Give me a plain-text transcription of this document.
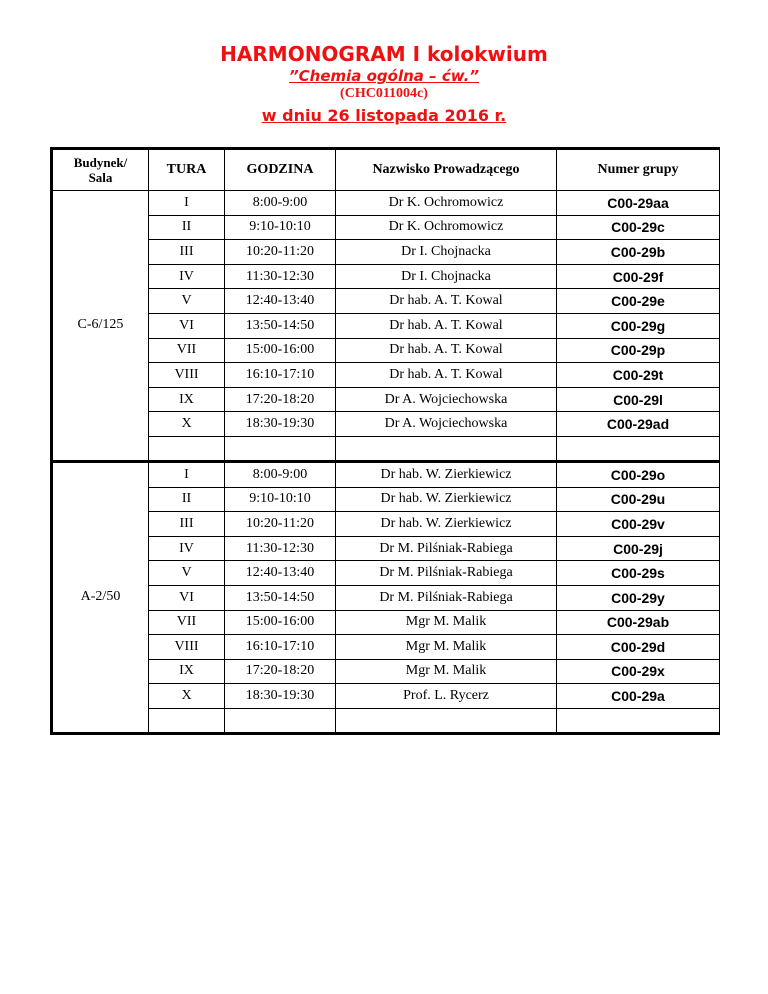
HARMONOGRAM I kolokwium
”Chemia ogólna – ćw.”
(CHC011004c)
w dniu 26 listopada 2016 r.
Budynek/
Sala	TURA	GODZINA	Nazwisko Prowadzącego	Numer grupy
C-6/125	I	8:00-9:00	Dr K. Ochromowicz	C00-29aa
	II	9:10-10:10	Dr K. Ochromowicz	C00-29c
	III	10:20-11:20	Dr I. Chojnacka	C00-29b
	IV	11:30-12:30	Dr I. Chojnacka	C00-29f
	V	12:40-13:40	Dr hab. A. T. Kowal	C00-29e
	VI	13:50-14:50	Dr hab. A. T. Kowal	C00-29g
	VII	15:00-16:00	Dr hab. A. T. Kowal	C00-29p
	VIII	16:10-17:10	Dr hab. A. T. Kowal	C00-29t
	IX	17:20-18:20	Dr A. Wojciechowska	C00-29l
	X	18:30-19:30	Dr A. Wojciechowska	C00-29ad

A-2/50	I	8:00-9:00	Dr hab. W. Zierkiewicz	C00-29o
	II	9:10-10:10	Dr hab. W. Zierkiewicz	C00-29u
	III	10:20-11:20	Dr hab. W. Zierkiewicz	C00-29v
	IV	11:30-12:30	Dr M. Pilśniak-Rabiega	C00-29j
	V	12:40-13:40	Dr M. Pilśniak-Rabiega	C00-29s
	VI	13:50-14:50	Dr M. Pilśniak-Rabiega	C00-29y
	VII	15:00-16:00	Mgr M. Malik	C00-29ab
	VIII	16:10-17:10	Mgr M. Malik	C00-29d
	IX	17:20-18:20	Mgr M. Malik	C00-29x
	X	18:30-19:30	Prof. L. Rycerz	C00-29a
